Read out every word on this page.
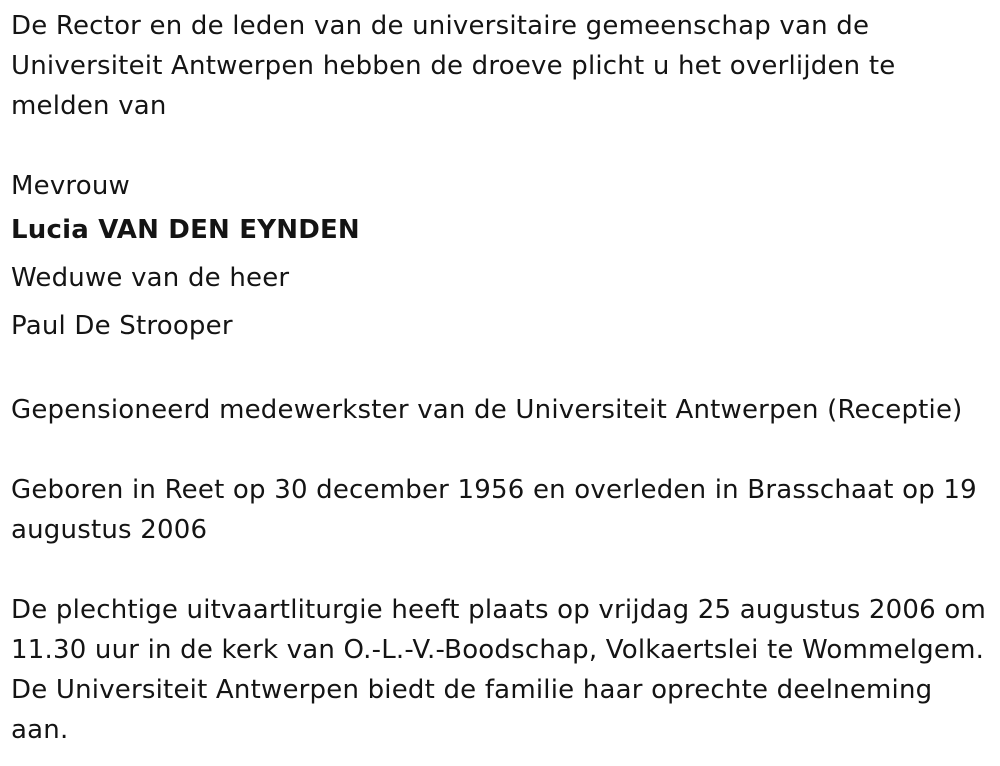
De Rector en de leden van de universitaire gemeenschap van de Universiteit Antwerpen hebben de droeve plicht u het overlijden te melden van

Mevrouw

Lucia VAN DEN EYNDEN

Weduwe van de heer

Paul De Strooper

Gepensioneerd medewerkster van de Universiteit Antwerpen (Receptie)

Geboren in Reet op 30 december 1956 en overleden in Brasschaat op 19 augustus 2006

De plechtige uitvaartliturgie heeft plaats op vrijdag 25 augustus 2006 om 11.30 uur in de kerk van O.-L.-V.-Boodschap, Volkaertslei te Wommelgem. De Universiteit Antwerpen biedt de familie haar oprechte deelneming aan.
